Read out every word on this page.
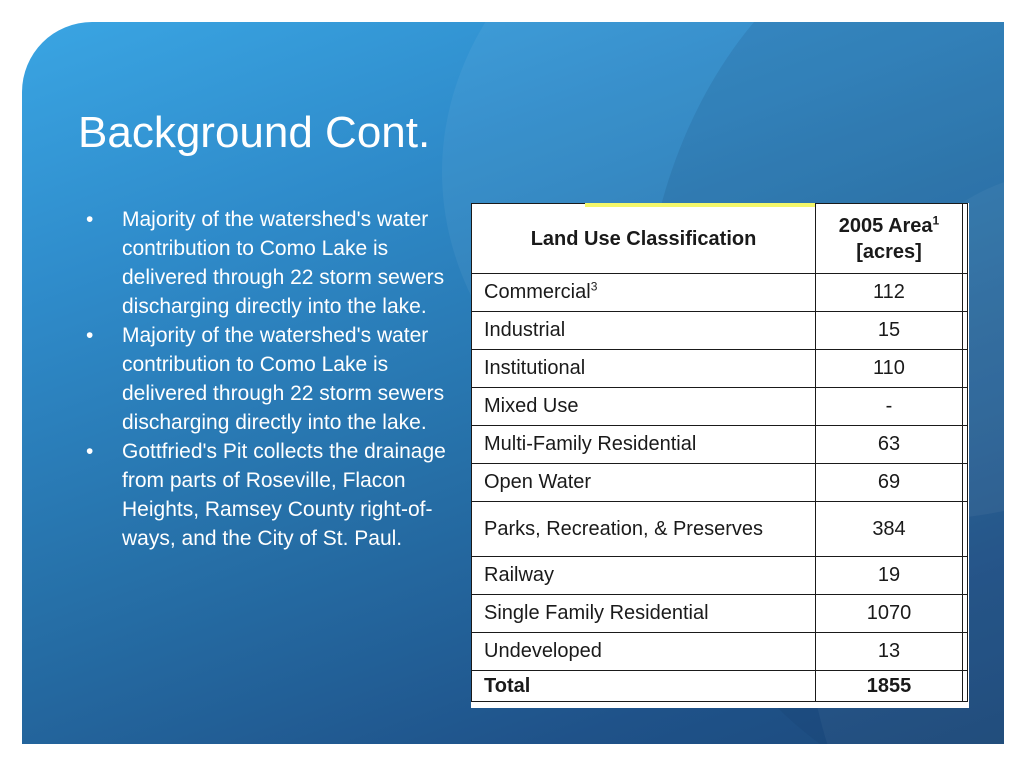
Background Cont.
• Majority of the watershed's water contribution to Como Lake is delivered through 22 storm sewers discharging directly into the lake.
• Majority of the watershed's water contribution to Como Lake is delivered through 22 storm sewers discharging directly into the lake.
• Gottfried's Pit collects the drainage from parts of Roseville, Flacon Heights, Ramsey County right-of-ways, and the City of St. Paul.
Land Use Classification	2005 Area$^1$
[acres]	
Commercial$^3$	112	
Industrial	15	
Institutional	110	
Mixed Use	-	
Multi-Family Residential	63	
Open Water	69	
Parks, Recreation, & Preserves	384	
Railway	19	
Single Family Residential	1070	
Undeveloped	13	
Total	1855	
